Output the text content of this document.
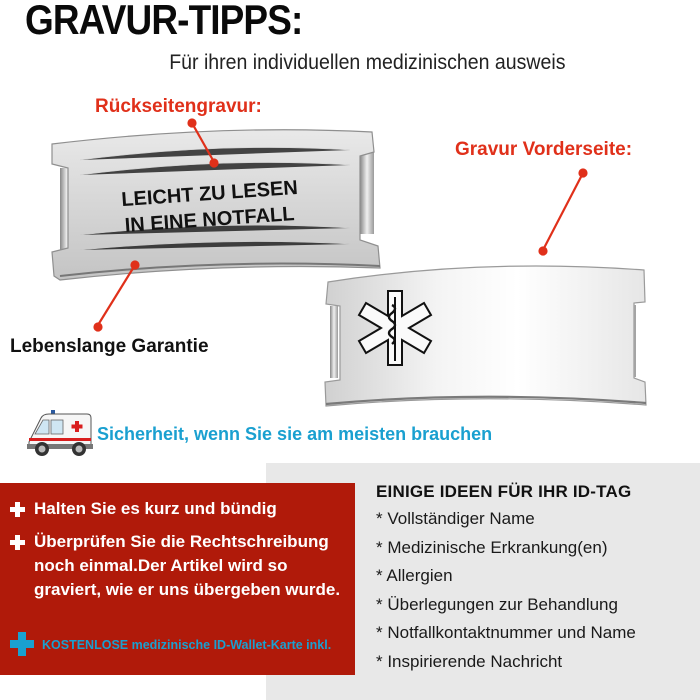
GRAVUR-TIPPS:
Für ihren individuellen medizinischen ausweis
LEICHT ZU LESEN
IN EINE NOTFALL
Rückseitengravur:
Gravur Vorderseite:
Lebenslange Garantie
Sicherheit, wenn Sie sie am meisten brauchen
Halten Sie es kurz und bündig
Überprüfen Sie die Rechtschreibung noch einmal.Der Artikel wird so graviert, wie er uns übergeben wurde.
KOSTENLOSE medizinische ID-Wallet-Karte inkl.
EINIGE IDEEN FÜR IHR ID-TAG
* Vollständiger Name
* Medizinische Erkrankung(en)
* Allergien
* Überlegungen zur Behandlung
* Notfallkontaktnummer und Name
* Inspirierende Nachricht
